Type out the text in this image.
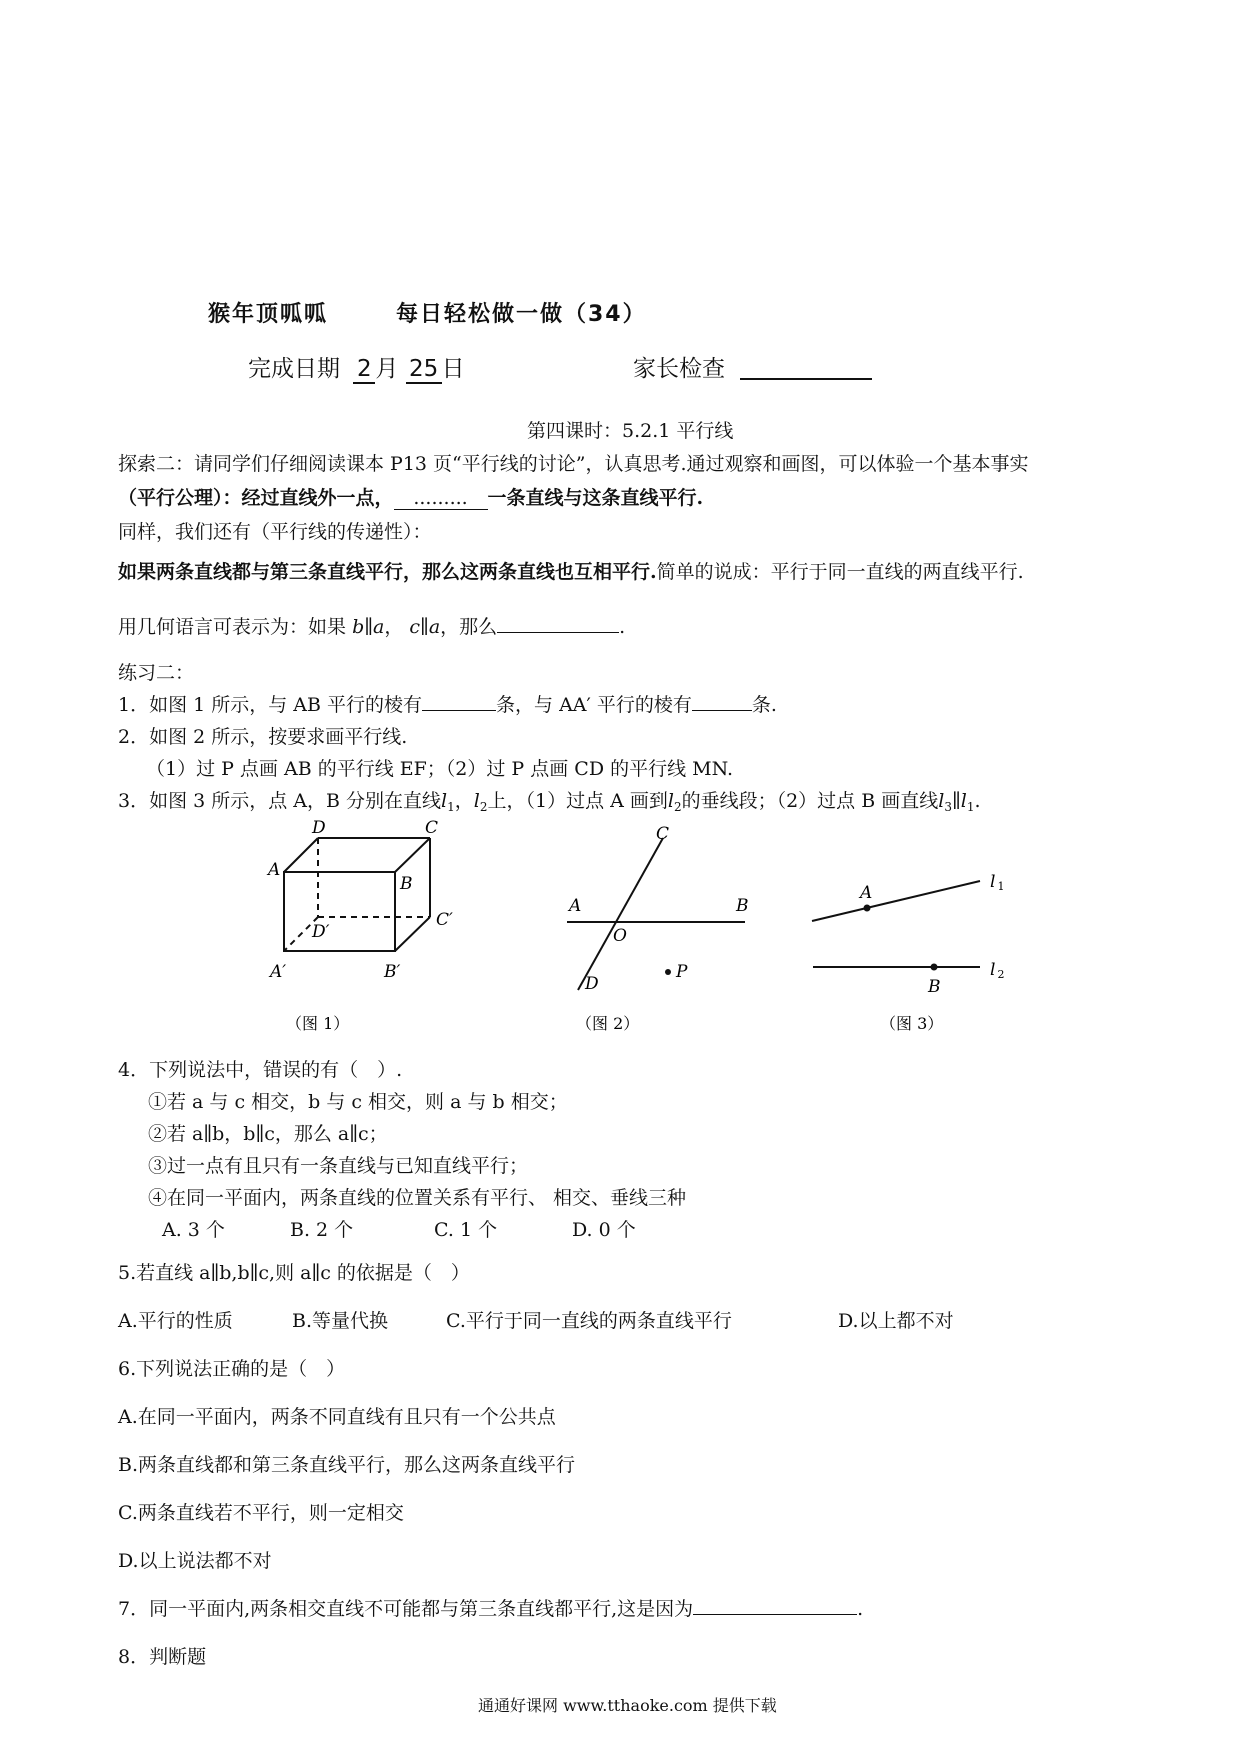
猴年顶呱呱	每日轻松做一做（34）
完成日期 2 月 25 日	家长检查
第四课时：5.2.1 平行线
探索二：请同学们仔细阅读课本 P13 页“平行线的讨论”，认真思考.通过观察和画图，可以体验一个基本事实
（平行公理）：经过直线外一点， ......... 一条直线与这条直线平行.
同样，我们还有（平行线的传递性）：
如果两条直线都与第三条直线平行，那么这两条直线也互相平行.简单的说成：平行于同一直线的两直线平行.
用几何语言可表示为：如果 b∥a， c∥a，那么	.
练习二：
1．如图 1 所示，与 AB 平行的棱有	条，与 AA′ 平行的棱有	条.
2．如图 2 所示，按要求画平行线.
（1）过 P 点画 AB 的平行线 EF；（2）过 P 点画 CD 的平行线 MN.
3．如图 3 所示，点 A，B 分别在直线$l_1$，$l_2$上，（1）过点 A 画到$l_2$的垂线段；（2）过点 B 画直线$l_3\parallel l_1$.
D	C
A
B
D′
C′
A′	B′
（图 1）
C
A	B
O
D
P
（图 2）
A
B
l 1
l 2
（图 3）
4．下列说法中，错误的有（　）.
①若 a 与 c 相交，b 与 c 相交，则 a 与 b 相交；
②若 a∥b，b∥c，那么 a∥c；
③过一点有且只有一条直线与已知直线平行；
④在同一平面内，两条直线的位置关系有平行、 相交、垂线三种
A. 3 个	B. 2 个	C. 1 个	D. 0 个
5.若直线 a∥b,b∥c,则 a∥c 的依据是（　）
A.平行的性质	B.等量代换	C.平行于同一直线的两条直线平行	D.以上都不对
6.下列说法正确的是（　）
A.在同一平面内，两条不同直线有且只有一个公共点
B.两条直线都和第三条直线平行，那么这两条直线平行
C.两条直线若不平行，则一定相交
D.以上说法都不对
7．同一平面内,两条相交直线不可能都与第三条直线都平行,这是因为	.
8．判断题
通通好课网 www.tthaoke.com 提供下载
